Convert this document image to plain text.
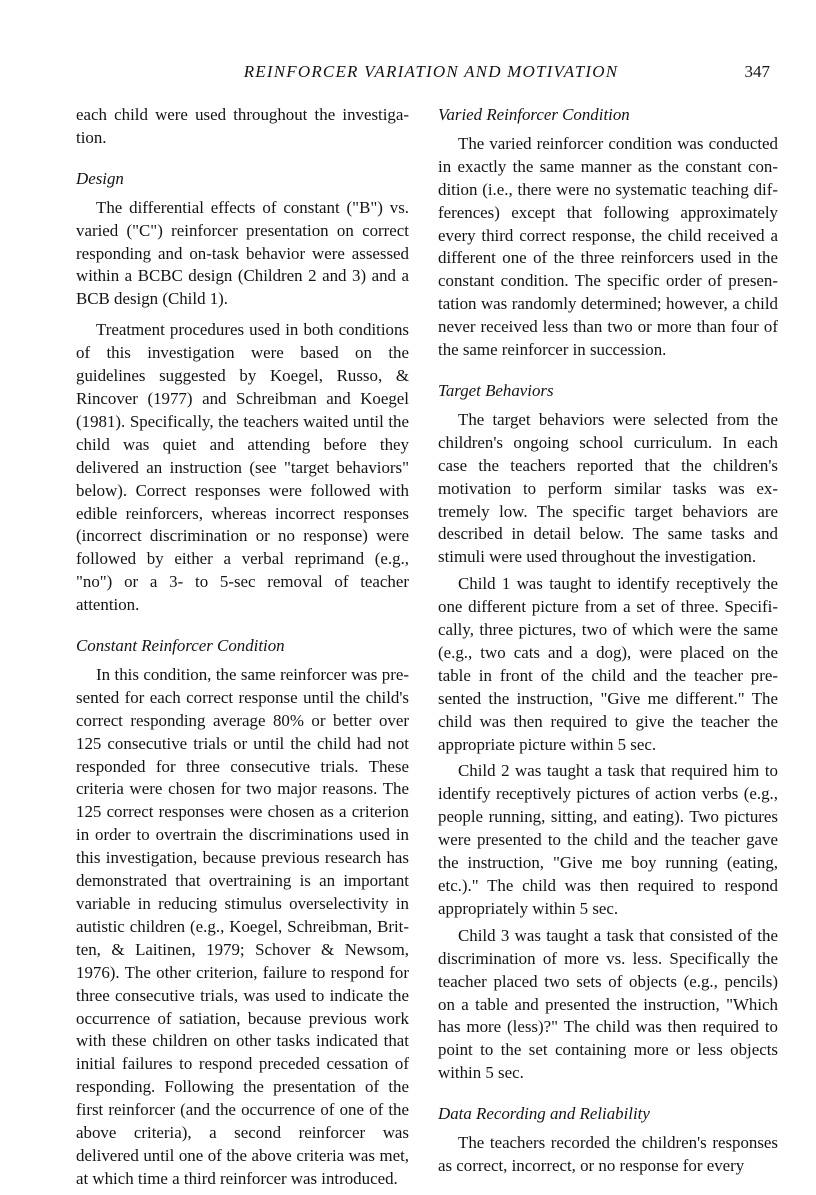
REINFORCER VARIATION AND MOTIVATION	347

each child were used throughout the investigation.

Design

The differential effects of constant ("B") vs. varied ("C") reinforcer presentation on correct responding and on-task behavior were assessed within a BCBC design (Children 2 and 3) and a BCB design (Child 1).

Treatment procedures used in both conditions of this investigation were based on the guidelines suggested by Koegel, Russo, & Rincover (1977) and Schreibman and Koegel (1981). Specifically, the teachers waited until the child was quiet and attending before they delivered an instruction (see "target behaviors" below). Correct responses were followed with edible reinforcers, whereas incorrect responses (incorrect discrimination or no response) were followed by either a verbal reprimand (e.g., "no") or a 3- to 5-sec removal of teacher attention.

Constant Reinforcer Condition

In this condition, the same reinforcer was presented for each correct response until the child's correct responding average 80% or better over 125 consecutive trials or until the child had not responded for three consecutive trials. These criteria were chosen for two major reasons. The 125 correct responses were chosen as a criterion in order to overtrain the discriminations used in this investigation, because previous research has demonstrated that overtraining is an important variable in reducing stimulus overselectivity in autistic children (e.g., Koegel, Schreibman, Britten, & Laitinen, 1979; Schover & Newsom, 1976). The other criterion, failure to respond for three consecutive trials, was used to indicate the occurrence of satiation, because previous work with these children on other tasks indicated that initial failures to respond preceded cessation of responding. Following the presentation of the first reinforcer (and the occurrence of one of the above criteria), a second reinforcer was delivered until one of the above criteria was met, at which time a third reinforcer was introduced.

Varied Reinforcer Condition

The varied reinforcer condition was conducted in exactly the same manner as the constant condition (i.e., there were no systematic teaching differences) except that following approximately every third correct response, the child received a different one of the three reinforcers used in the constant condition. The specific order of presentation was randomly determined; however, a child never received less than two or more than four of the same reinforcer in succession.

Target Behaviors

The target behaviors were selected from the children's ongoing school curriculum. In each case the teachers reported that the children's motivation to perform similar tasks was extremely low. The specific target behaviors are described in detail below. The same tasks and stimuli were used throughout the investigation.

Child 1 was taught to identify receptively the one different picture from a set of three. Specifically, three pictures, two of which were the same (e.g., two cats and a dog), were placed on the table in front of the child and the teacher presented the instruction, "Give me different." The child was then required to give the teacher the appropriate picture within 5 sec.

Child 2 was taught a task that required him to identify receptively pictures of action verbs (e.g., people running, sitting, and eating). Two pictures were presented to the child and the teacher gave the instruction, "Give me boy running (eating, etc.)." The child was then required to respond appropriately within 5 sec.

Child 3 was taught a task that consisted of the discrimination of more vs. less. Specifically the teacher placed two sets of objects (e.g., pencils) on a table and presented the instruction, "Which has more (less)?" The child was then required to point to the set containing more or less objects within 5 sec.

Data Recording and Reliability

The teachers recorded the children's responses as correct, incorrect, or no response for every
